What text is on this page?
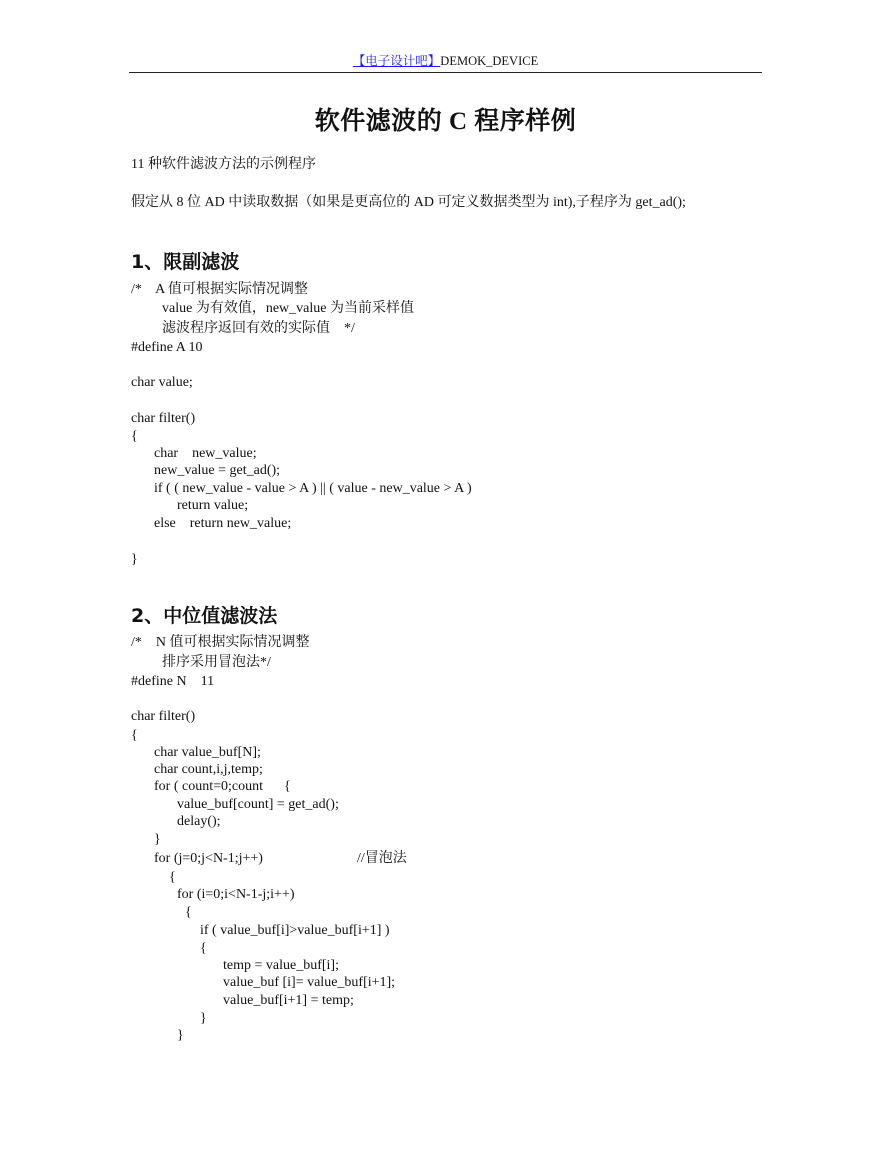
【电子设计吧】DEMOK_DEVICE
软件滤波的 C 程序样例
11 种软件滤波方法的示例程序
假定从 8 位 AD 中读取数据（如果是更高位的 AD 可定义数据类型为 int),子程序为 get_ad();
1、限副滤波
/*    A 值可根据实际情况调整
value 为有效值，new_value 为当前采样值
滤波程序返回有效的实际值    */
#define A 10
char value;
char filter()
{
char    new_value;
new_value = get_ad();
if ( ( new_value - value > A ) || ( value - new_value > A )
return value;
else    return new_value;
}
2、中位值滤波法
/*    N 值可根据实际情况调整
排序采用冒泡法*/
#define N    11
char filter()
{
char value_buf[N];
char count,i,j,temp;
for ( count=0;count      {
value_buf[count] = get_ad();
delay();
}
for (j=0;j<N-1;j++)	//冒泡法
{
for (i=0;i<N-1-j;i++)
{
if ( value_buf[i]>value_buf[i+1] )
{
temp = value_buf[i];
value_buf [i]= value_buf[i+1];
value_buf[i+1] = temp;
}
}
